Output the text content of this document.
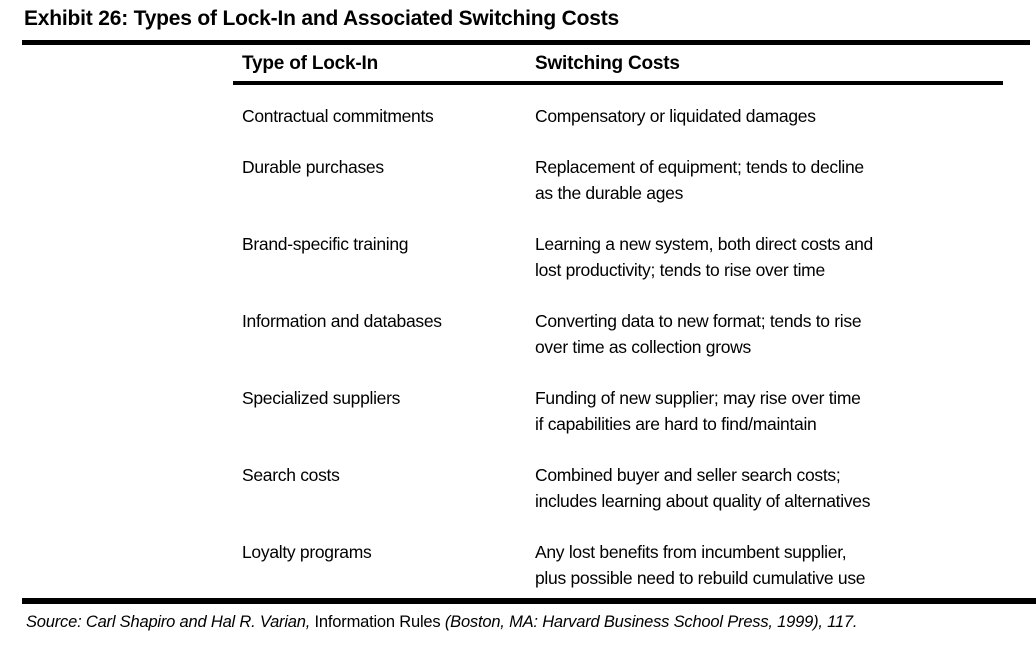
Exhibit 26: Types of Lock-In and Associated Switching Costs
Type of Lock-In	Switching Costs
Contractual commitments	Compensatory or liquidated damages
Durable purchases	Replacement of equipment; tends to decline
as the durable ages
Brand-specific training	Learning a new system, both direct costs and
lost productivity; tends to rise over time
Information and databases	Converting data to new format; tends to rise
over time as collection grows
Specialized suppliers	Funding of new supplier; may rise over time
if capabilities are hard to find/maintain
Search costs	Combined buyer and seller search costs;
includes learning about quality of alternatives
Loyalty programs	Any lost benefits from incumbent supplier,
plus possible need to rebuild cumulative use
Source: Carl Shapiro and Hal R. Varian, Information Rules (Boston, MA: Harvard Business School Press, 1999), 117.
